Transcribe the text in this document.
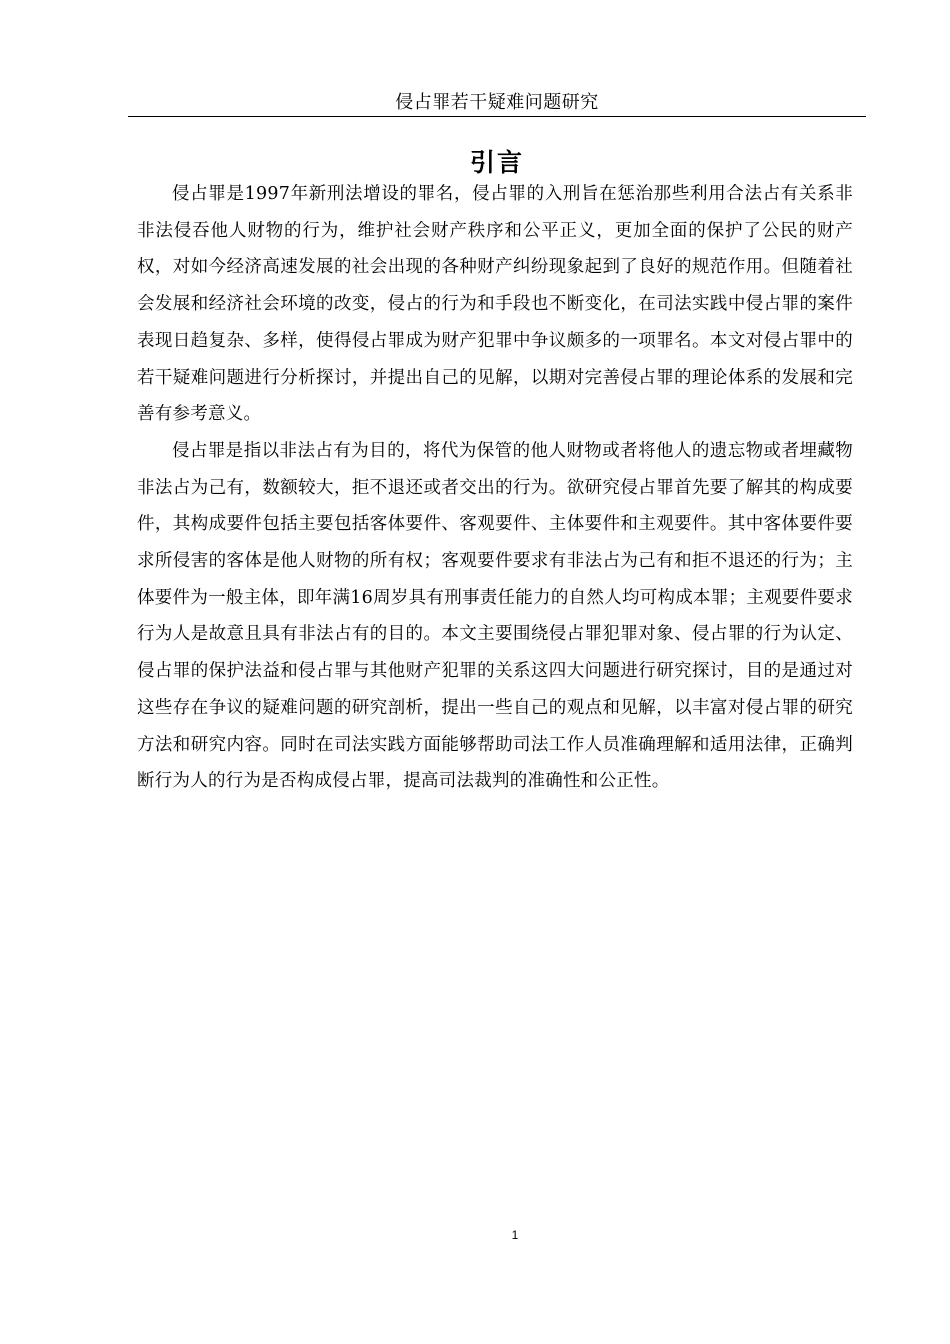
侵占罪若干疑难问题研究
引言

侵占罪是1997年新刑法增设的罪名，侵占罪的入刑旨在惩治那些利用合法占有关系非非法侵吞他人财物的行为，维护社会财产秩序和公平正义，更加全面的保护了公民的财产权，对如今经济高速发展的社会出现的各种财产纠纷现象起到了良好的规范作用。但随着社会发展和经济社会环境的改变，侵占的行为和手段也不断变化，在司法实践中侵占罪的案件表现日趋复杂、多样，使得侵占罪成为财产犯罪中争议颇多的一项罪名。本文对侵占罪中的若干疑难问题进行分析探讨，并提出自己的见解，以期对完善侵占罪的理论体系的发展和完善有参考意义。

侵占罪是指以非法占有为目的，将代为保管的他人财物或者将他人的遗忘物或者埋藏物非法占为己有，数额较大，拒不退还或者交出的行为。欲研究侵占罪首先要了解其的构成要件，其构成要件包括主要包括客体要件、客观要件、主体要件和主观要件。其中客体要件要求所侵害的客体是他人财物的所有权；客观要件要求有非法占为己有和拒不退还的行为；主体要件为一般主体，即年满16周岁具有刑事责任能力的自然人均可构成本罪；主观要件要求行为人是故意且具有非法占有的目的。本文主要围绕侵占罪犯罪对象、侵占罪的行为认定、侵占罪的保护法益和侵占罪与其他财产犯罪的关系这四大问题进行研究探讨，目的是通过对这些存在争议的疑难问题的研究剖析，提出一些自己的观点和见解，以丰富对侵占罪的研究方法和研究内容。同时在司法实践方面能够帮助司法工作人员准确理解和适用法律，正确判断行为人的行为是否构成侵占罪，提高司法裁判的准确性和公正性。

1
